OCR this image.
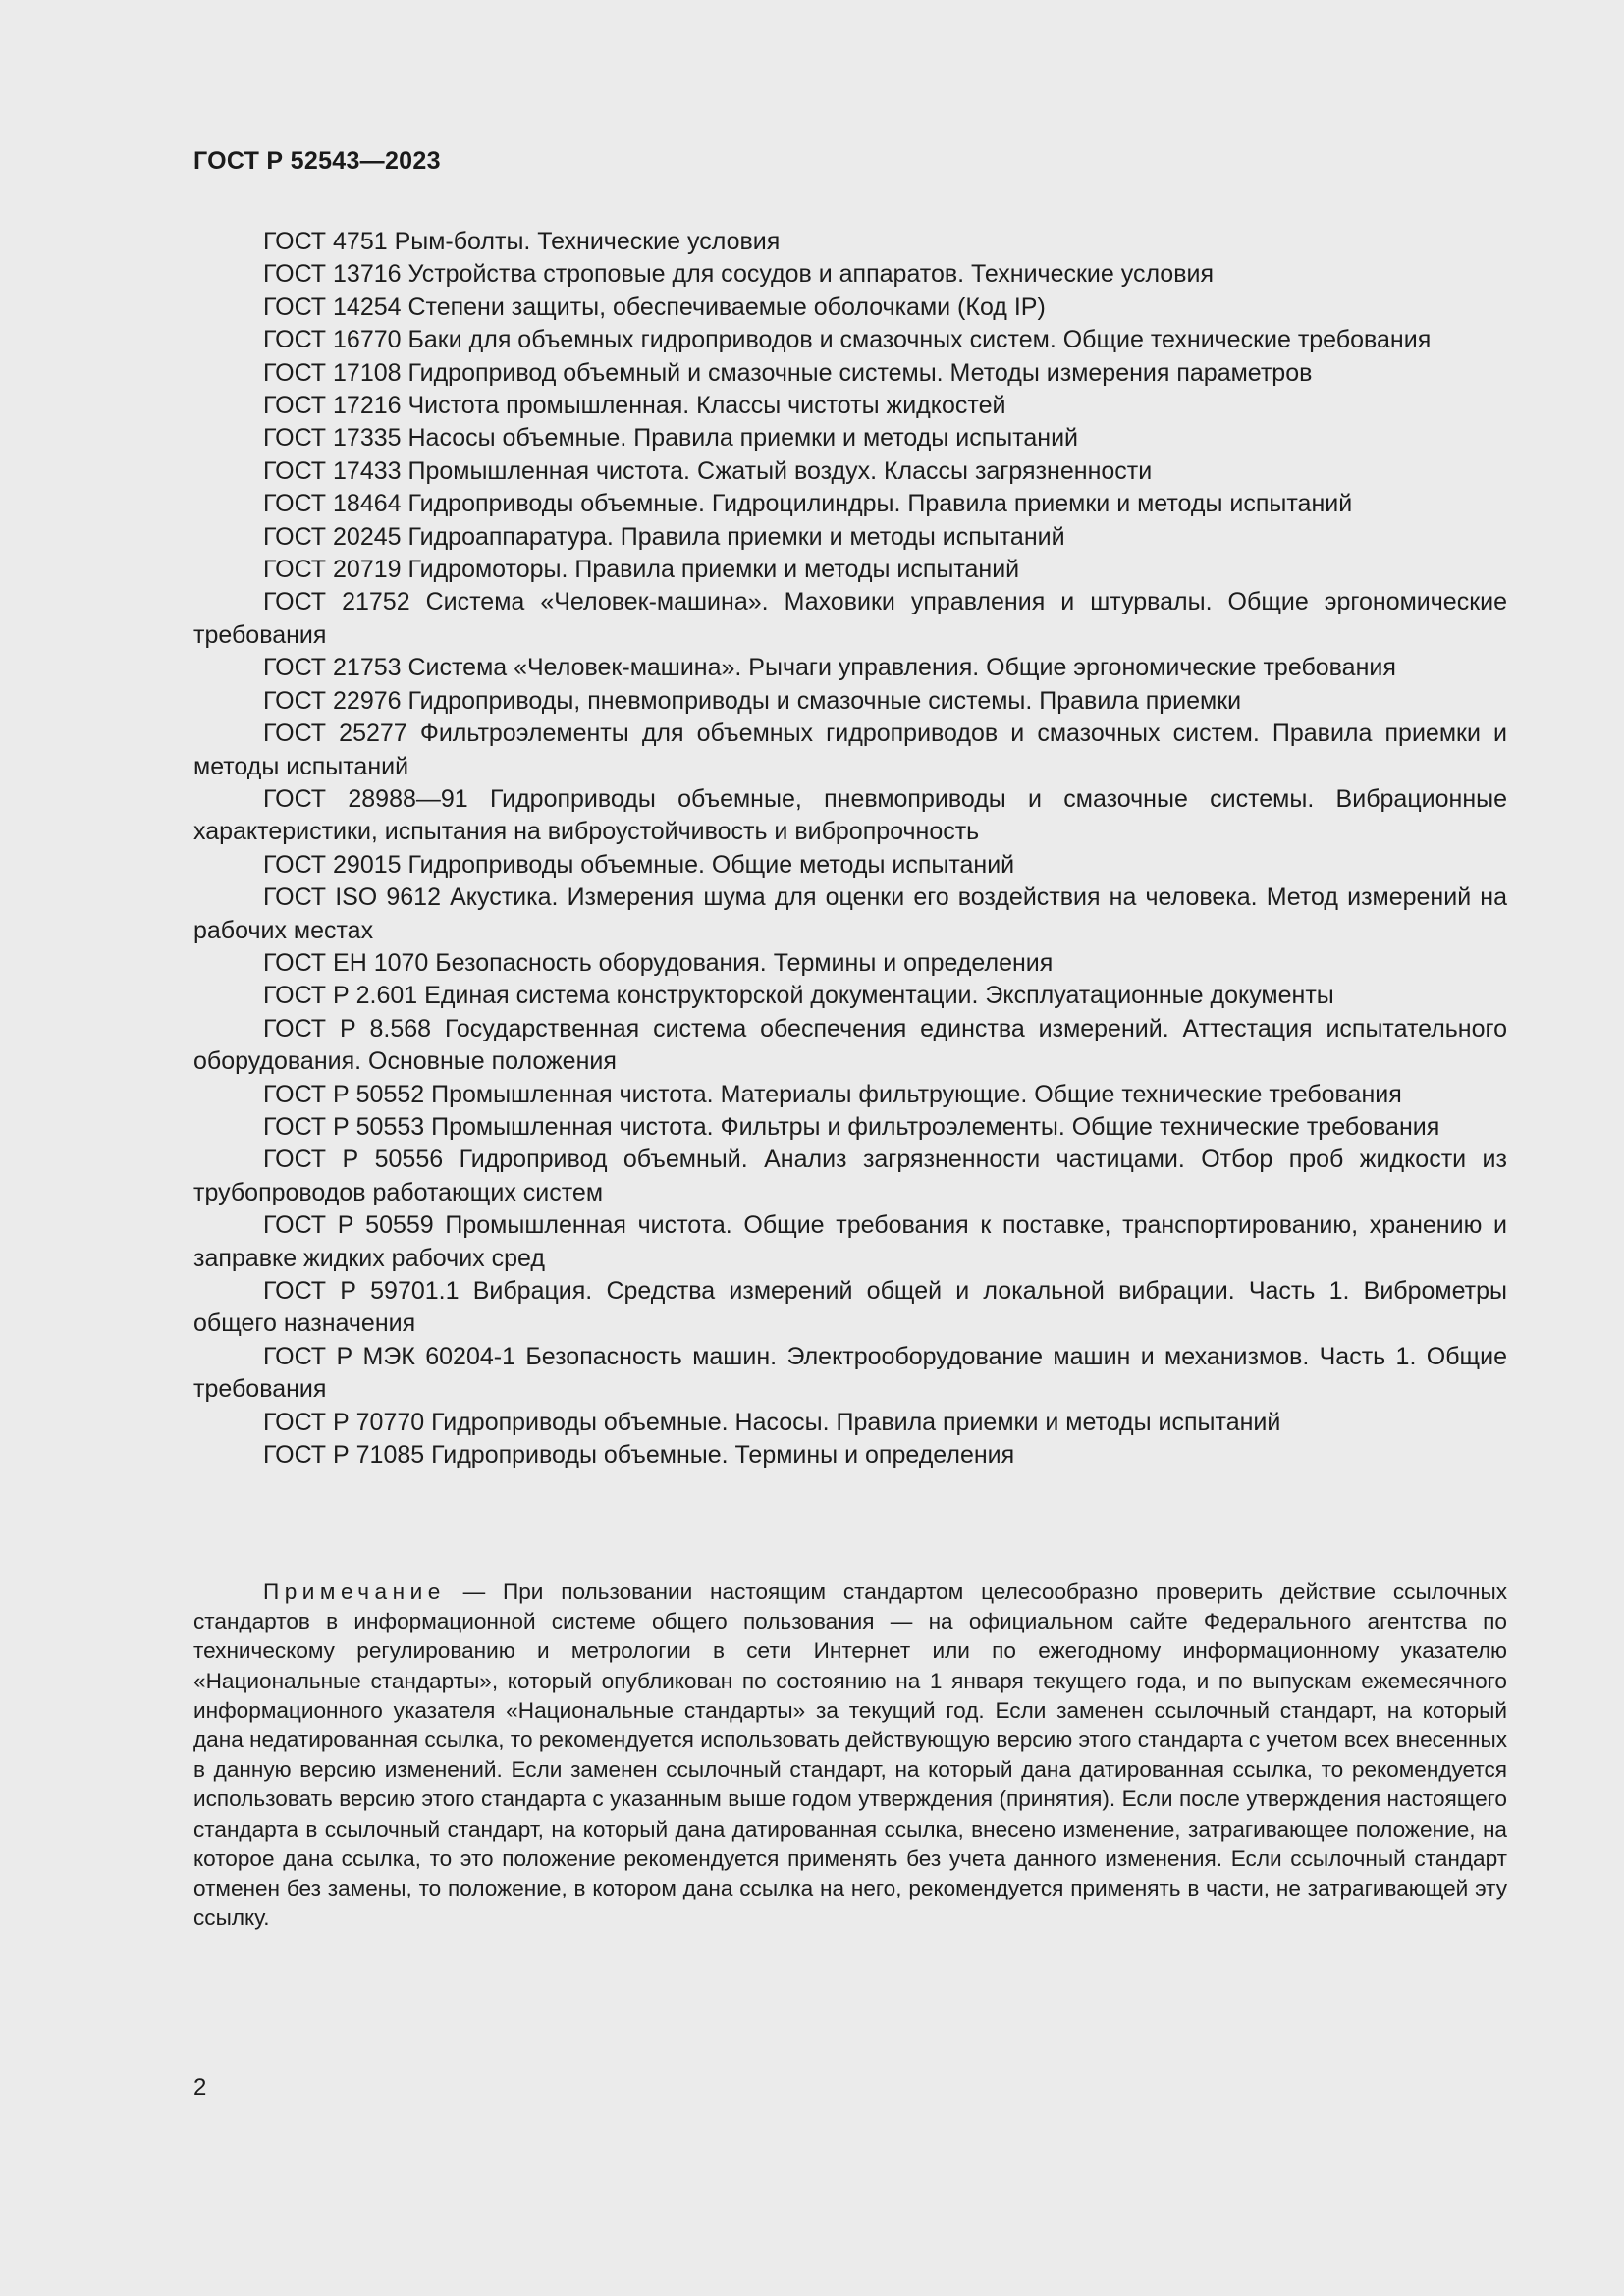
ГОСТ Р 52543—2023

ГОСТ 4751 Рым-болты. Технические условия

ГОСТ 13716 Устройства строповые для сосудов и аппаратов. Технические условия

ГОСТ 14254 Степени защиты, обеспечиваемые оболочками (Код IP)

ГОСТ 16770 Баки для объемных гидроприводов и смазочных систем. Общие технические требования

ГОСТ 17108 Гидропривод объемный и смазочные системы. Методы измерения параметров

ГОСТ 17216 Чистота промышленная. Классы чистоты жидкостей

ГОСТ 17335 Насосы объемные. Правила приемки и методы испытаний

ГОСТ 17433 Промышленная чистота. Сжатый воздух. Классы загрязненности

ГОСТ 18464 Гидроприводы объемные. Гидроцилиндры. Правила приемки и методы испытаний

ГОСТ 20245 Гидроаппаратура. Правила приемки и методы испытаний

ГОСТ 20719 Гидромоторы. Правила приемки и методы испытаний

ГОСТ 21752 Система «Человек-машина». Маховики управления и штурвалы. Общие эргономические требования

ГОСТ 21753 Система «Человек-машина». Рычаги управления. Общие эргономические требования

ГОСТ 22976 Гидроприводы, пневмоприводы и смазочные системы. Правила приемки

ГОСТ 25277 Фильтроэлементы для объемных гидроприводов и смазочных систем. Правила приемки и методы испытаний

ГОСТ 28988—91 Гидроприводы объемные, пневмоприводы и смазочные системы. Вибрационные характеристики, испытания на виброустойчивость и вибропрочность

ГОСТ 29015 Гидроприводы объемные. Общие методы испытаний

ГОСТ ISO 9612 Акустика. Измерения шума для оценки его воздействия на человека. Метод измерений на рабочих местах

ГОСТ ЕН 1070 Безопасность оборудования. Термины и определения

ГОСТ Р 2.601 Единая система конструкторской документации. Эксплуатационные документы

ГОСТ Р 8.568 Государственная система обеспечения единства измерений. Аттестация испытательного оборудования. Основные положения

ГОСТ Р 50552 Промышленная чистота. Материалы фильтрующие. Общие технические требования

ГОСТ Р 50553 Промышленная чистота. Фильтры и фильтроэлементы. Общие технические требования

ГОСТ Р 50556 Гидропривод объемный. Анализ загрязненности частицами. Отбор проб жидкости из трубопроводов работающих систем

ГОСТ Р 50559 Промышленная чистота. Общие требования к поставке, транспортированию, хранению и заправке жидких рабочих сред

ГОСТ Р 59701.1 Вибрация. Средства измерений общей и локальной вибрации. Часть 1. Виброметры общего назначения

ГОСТ Р МЭК 60204-1 Безопасность машин. Электрооборудование машин и механизмов. Часть 1. Общие требования

ГОСТ Р 70770 Гидроприводы объемные. Насосы. Правила приемки и методы испытаний

ГОСТ Р 71085 Гидроприводы объемные. Термины и определения

Примечание — При пользовании настоящим стандартом целесообразно проверить действие ссылочных стандартов в информационной системе общего пользования — на официальном сайте Федерального агентства по техническому регулированию и метрологии в сети Интернет или по ежегодному информационному указателю «Национальные стандарты», который опубликован по состоянию на 1 января текущего года, и по выпускам ежемесячного информационного указателя «Национальные стандарты» за текущий год. Если заменен ссылочный стандарт, на который дана недатированная ссылка, то рекомендуется использовать действующую версию этого стандарта с учетом всех внесенных в данную версию изменений. Если заменен ссылочный стандарт, на который дана датированная ссылка, то рекомендуется использовать версию этого стандарта с указанным выше годом утверждения (принятия). Если после утверждения настоящего стандарта в ссылочный стандарт, на который дана датированная ссылка, внесено изменение, затрагивающее положение, на которое дана ссылка, то это положение рекомендуется применять без учета данного изменения. Если ссылочный стандарт отменен без замены, то положение, в котором дана ссылка на него, рекомендуется применять в части, не затрагивающей эту ссылку.
2
